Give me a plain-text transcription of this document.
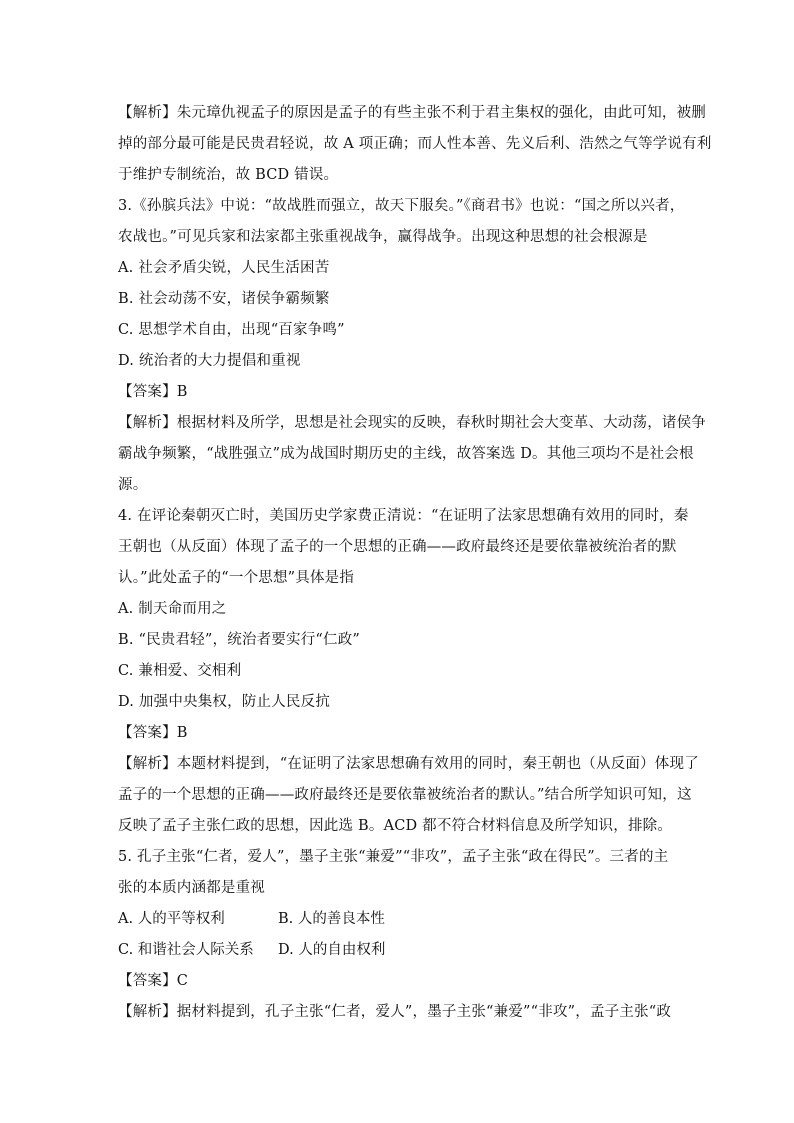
【解析】朱元璋仇视孟子的原因是孟子的有些主张不利于君主集权的强化，由此可知，被删
掉的部分最可能是民贵君轻说，故 A 项正确；而人性本善、先义后利、浩然之气等学说有利
于维护专制统治，故 BCD 错误。
3.《孙膑兵法》中说：“故战胜而强立，故天下服矣。”《商君书》也说：“国之所以兴者，
农战也。”可见兵家和法家都主张重视战争，赢得战争。出现这种思想的社会根源是
A. 社会矛盾尖锐，人民生活困苦
B. 社会动荡不安，诸侯争霸频繁
C. 思想学术自由，出现“百家争鸣”
D. 统治者的大力提倡和重视
【答案】B
【解析】根据材料及所学，思想是社会现实的反映，春秋时期社会大变革、大动荡，诸侯争
霸战争频繁，“战胜强立”成为战国时期历史的主线，故答案选 D。其他三项均不是社会根
源。
4. 在评论秦朝灭亡时，美国历史学家费正清说：“在证明了法家思想确有效用的同时，秦
王朝也（从反面）体现了孟子的一个思想的正确——政府最终还是要依靠被统治者的默
认。”此处孟子的“一个思想”具体是指
A. 制天命而用之
B. “民贵君轻”，统治者要实行“仁政”
C. 兼相爱、交相利
D. 加强中央集权，防止人民反抗
【答案】B
【解析】本题材料提到，“在证明了法家思想确有效用的同时，秦王朝也（从反面）体现了
孟子的一个思想的正确——政府最终还是要依靠被统治者的默认。”结合所学知识可知，这
反映了孟子主张仁政的思想，因此选 B。ACD 都不符合材料信息及所学知识，排除。
5. 孔子主张“仁者，爱人”，墨子主张“兼爱”“非攻”，孟子主张“政在得民”。三者的主
张的本质内涵都是重视
A. 人的平等权利	B. 人的善良本性
C. 和谐社会人际关系	D. 人的自由权利
【答案】C
【解析】据材料提到，孔子主张“仁者，爱人”，墨子主张“兼爱”“非攻”，孟子主张“政
